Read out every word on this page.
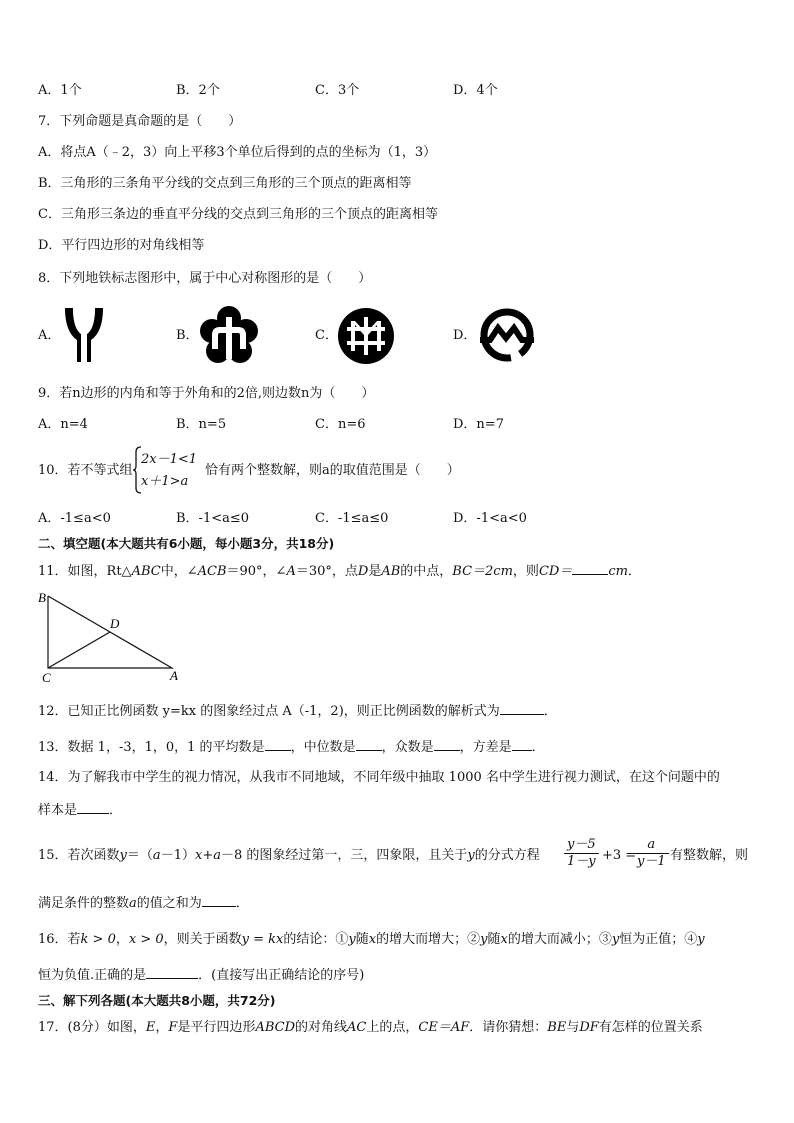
A．1个	B．2个	C．3个	D．4个
7．下列命题是真命题的是（　　）
A．将点A（﹣2，3）向上平移3个单位后得到的点的坐标为（1，3）
B．三角形的三条角平分线的交点到三角形的三个顶点的距离相等
C．三角形三条边的垂直平分线的交点到三角形的三个顶点的距离相等
D．平行四边形的对角线相等
8．下列地铁标志图形中，属于中心对称图形的是（　　）
A．	B．	C．	D．
9．若n边形的内角和等于外角和的2倍,则边数n为（　　）
A．n=4	B．n=5	C．n=6	D．n=7
10．若不等式组
2x－1<1
x＋1>a
恰有两个整数解，则a的取值范围是（　　）
A．-1≤a<0	B．-1<a≤0	C．-1≤a≤0	D．-1<a<0
二、填空题(本大题共有6小题，每小题3分，共18分)
11．如图，Rt△ABC中，∠ACB＝90°，∠A＝30°，点D是AB的中点，BC＝2cm，则CD＝	cm．
B
D
C	A
12．已知正比例函数 y=kx 的图象经过点 A（-1，2)，则正比例函数的解析式为	．
13．数据 1，-3，1，0，1 的平均数是 ，中位数是 ，众数是 ，方差是 ．
14．为了解我市中学生的视力情况，从我市不同地域，不同年级中抽取 1000 名中学生进行视力测试，在这个问题中的
样本是 ．
15．若次函数y＝（a－1）x+a－8 的图象经过第一，三，四象限，且关于y的分式方程 $\frac{y-5}{1-y} +3$ =
$\frac{a}{y-1}$ 有整数解，则
满足条件的整数a的值之和为	．
16．若k > 0，x > 0，则关于函数y = kx的结论：①y随x的增大而增大；②y随x的增大而减小；③y恒为正值；④y
恒为负值.正确的是	．(直接写出正确结论的序号)
三、解下列各题(本大题共8小题，共72分)
17．(8分）如图，E，F是平行四边形ABCD的对角线AC上的点，CE＝AF．请你猜想：BE与DF有怎样的位置关系
